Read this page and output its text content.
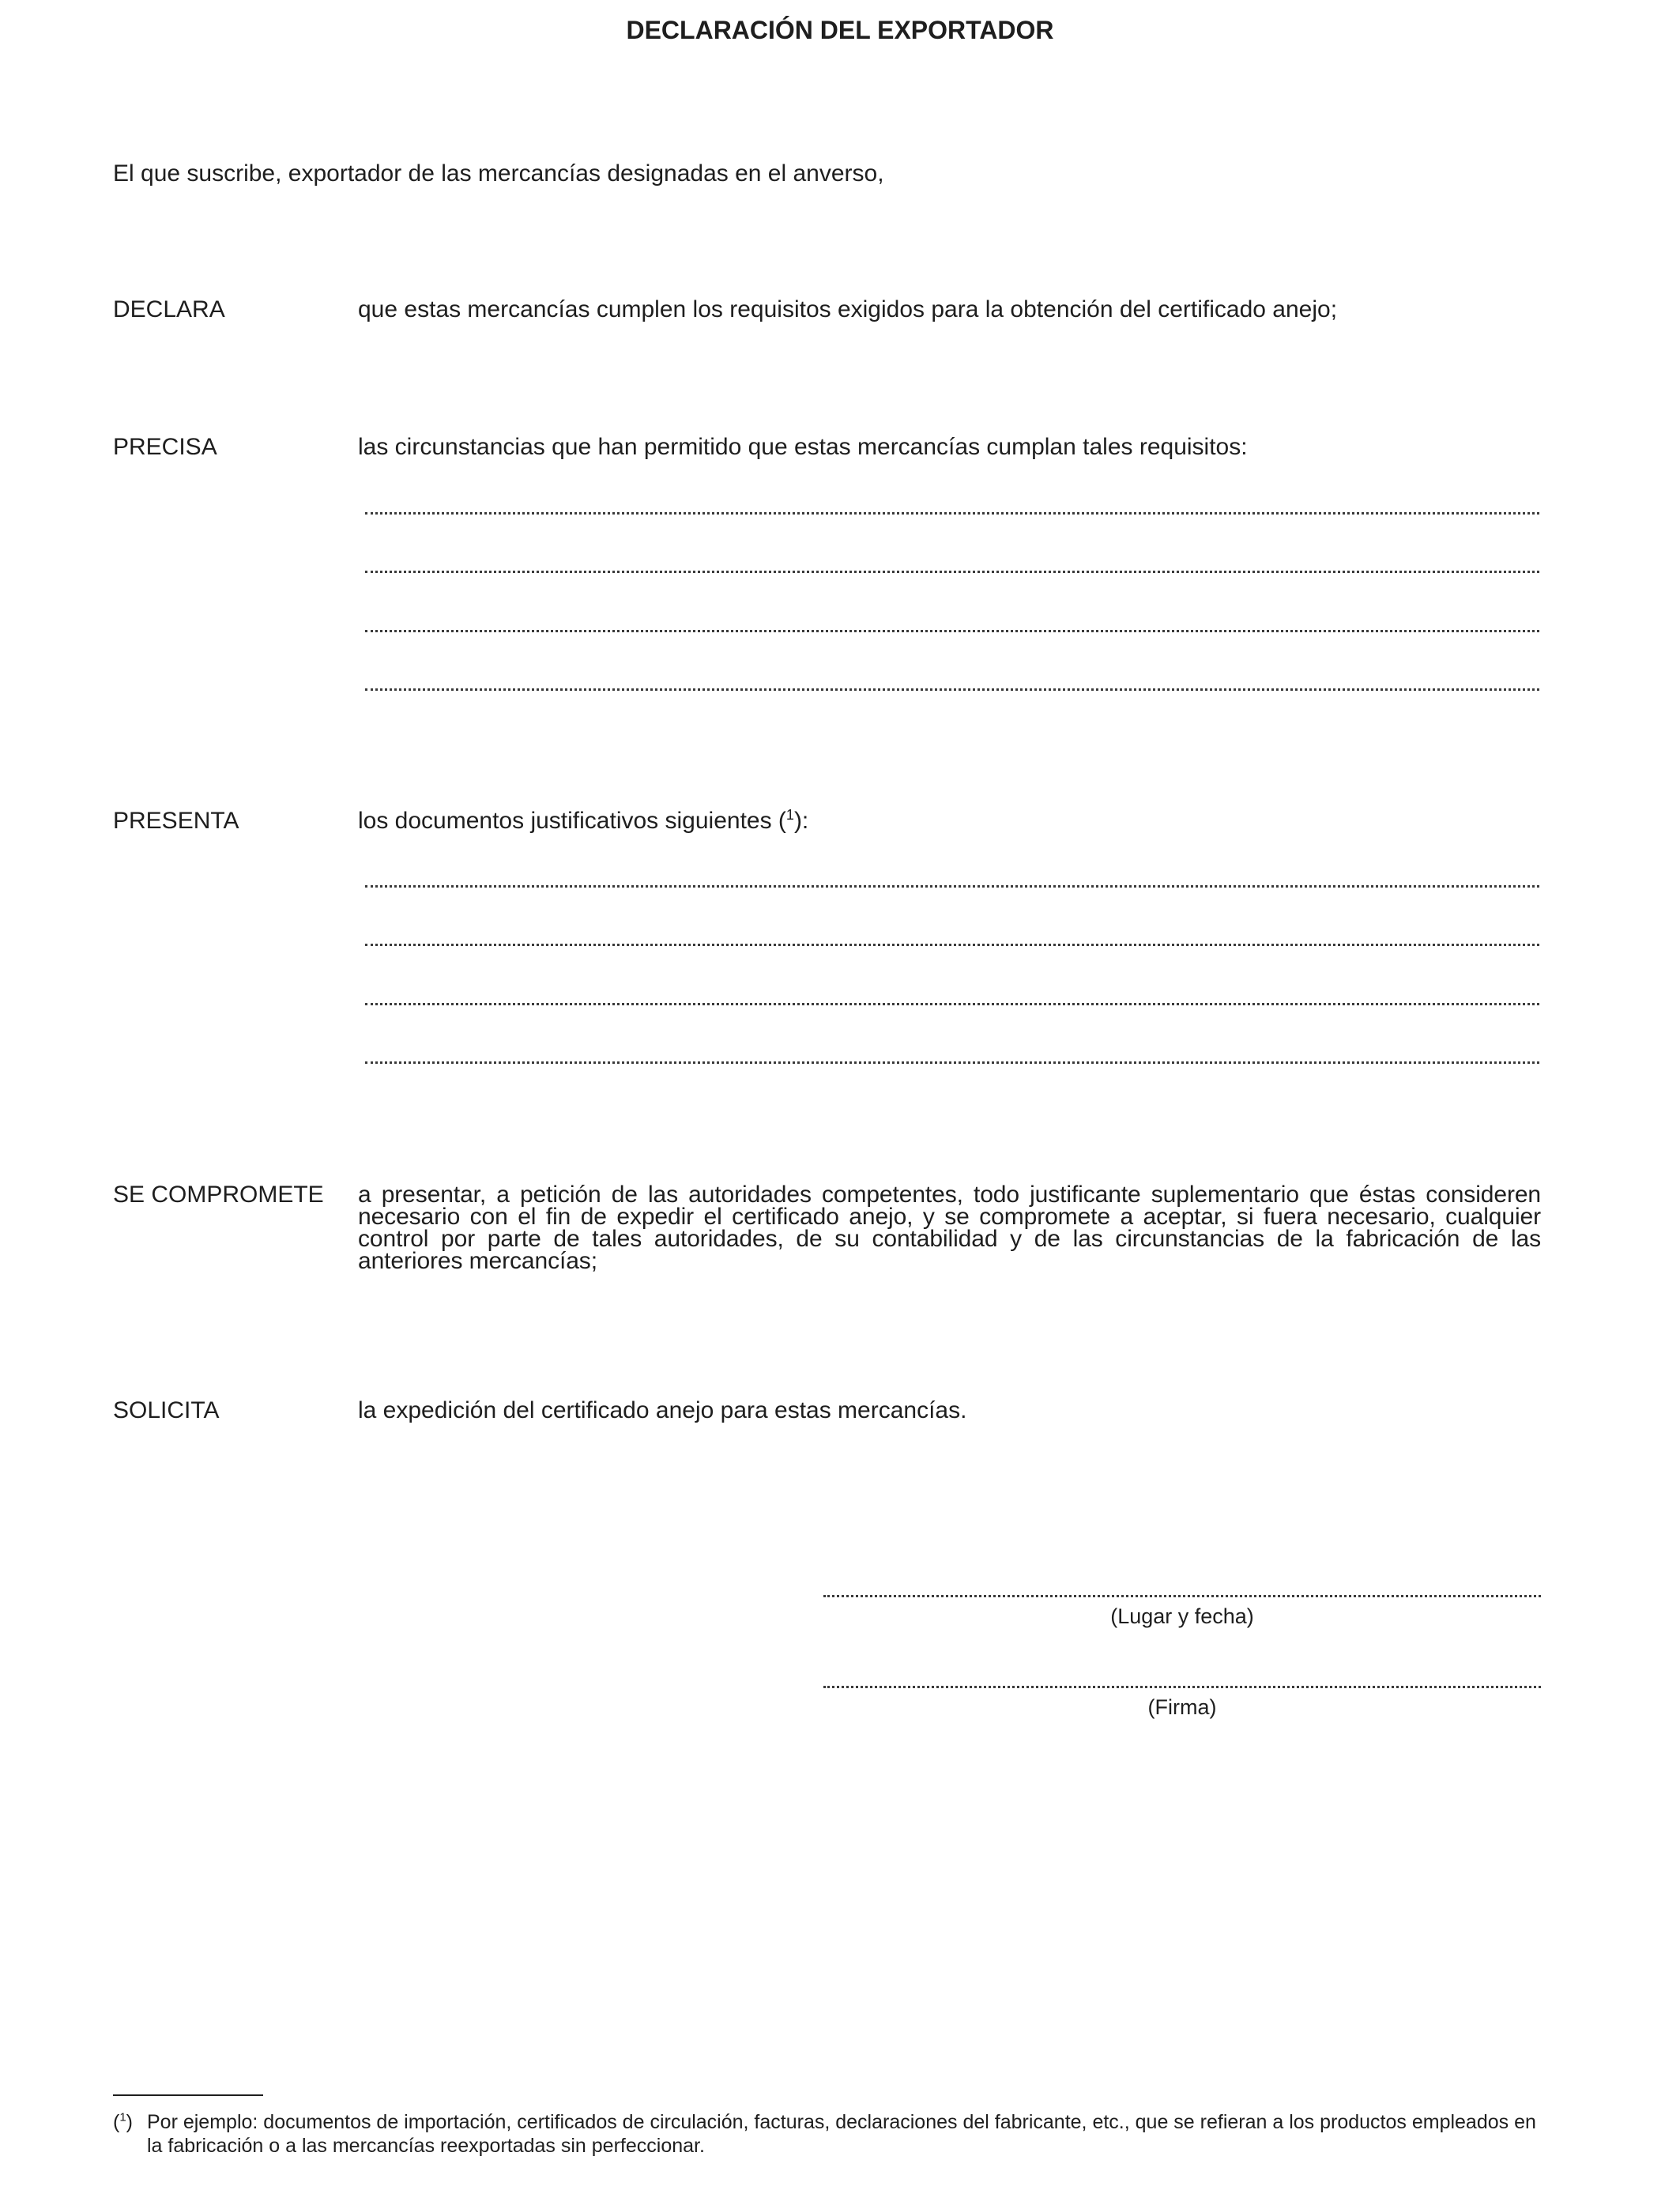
DECLARACIÓN DEL EXPORTADOR
El que suscribe, exportador de las mercancías designadas en el anverso,
DECLARA	que estas mercancías cumplen los requisitos exigidos para la obtención del certificado anejo;
PRECISA	las circunstancias que han permitido que estas mercancías cumplan tales requisitos:
PRESENTA	los documentos justificativos siguientes ($^1$):
SE COMPROMETE a presentar, a petición de las autoridades competentes, todo justificante suplementario que éstas consideren necesario con el fin de expedir el certificado anejo, y se compromete a aceptar, si fuera necesario, cualquier control por parte de tales autoridades, de su contabilidad y de las circunstancias de la fabricación de las anteriores mercancías;
SOLICITA	la expedición del certificado anejo para estas mercancías.
(Lugar y fecha)
(Firma)
($^1$) Por ejemplo: documentos de importación, certificados de circulación, facturas, declaraciones del fabricante, etc., que se refieran a los productos empleados en la fabricación o a las mercancías reexportadas sin perfeccionar.
